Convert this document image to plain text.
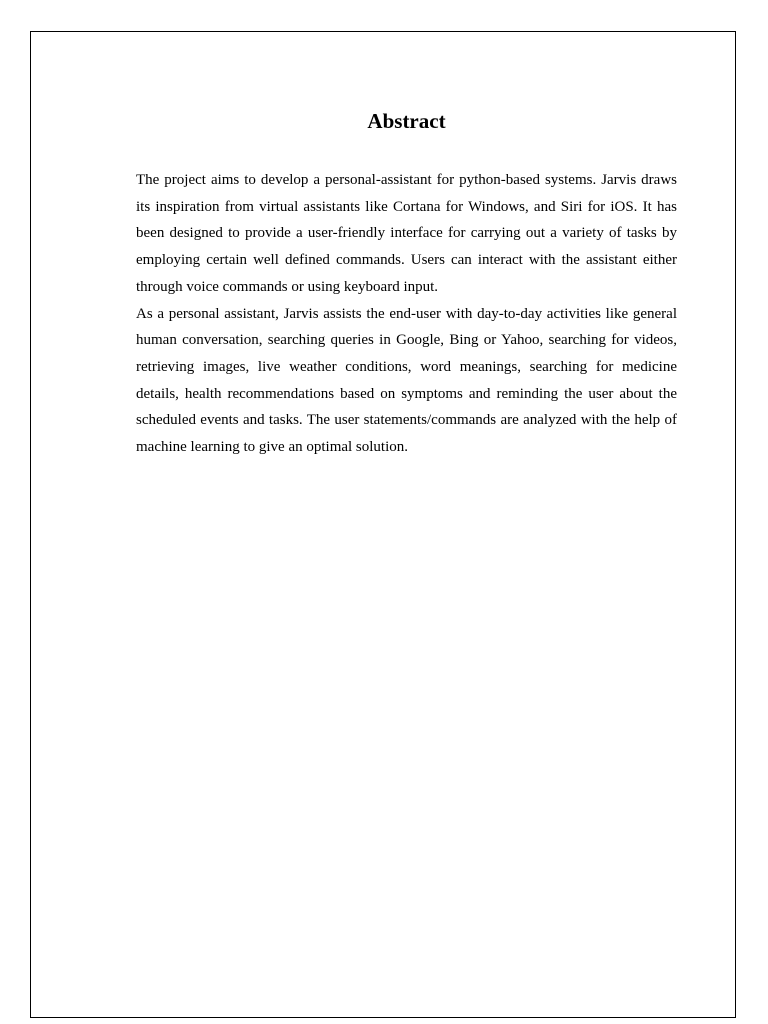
Abstract

The project aims to develop a personal-assistant for python-based systems. Jarvis draws its inspiration from virtual assistants like Cortana for Windows, and Siri for iOS. It has been designed to provide a user-friendly interface for carrying out a variety of tasks by employing certain well defined commands. Users can interact with the assistant either through voice commands or using keyboard input.

As a personal assistant, Jarvis assists the end-user with day-to-day activities like general human conversation, searching queries in Google, Bing or Yahoo, searching for videos, retrieving images, live weather conditions, word meanings, searching for medicine details, health recommendations based on symptoms and reminding the user about the scheduled events and tasks. The user statements/commands are analyzed with the help of machine learning to give an optimal solution.
